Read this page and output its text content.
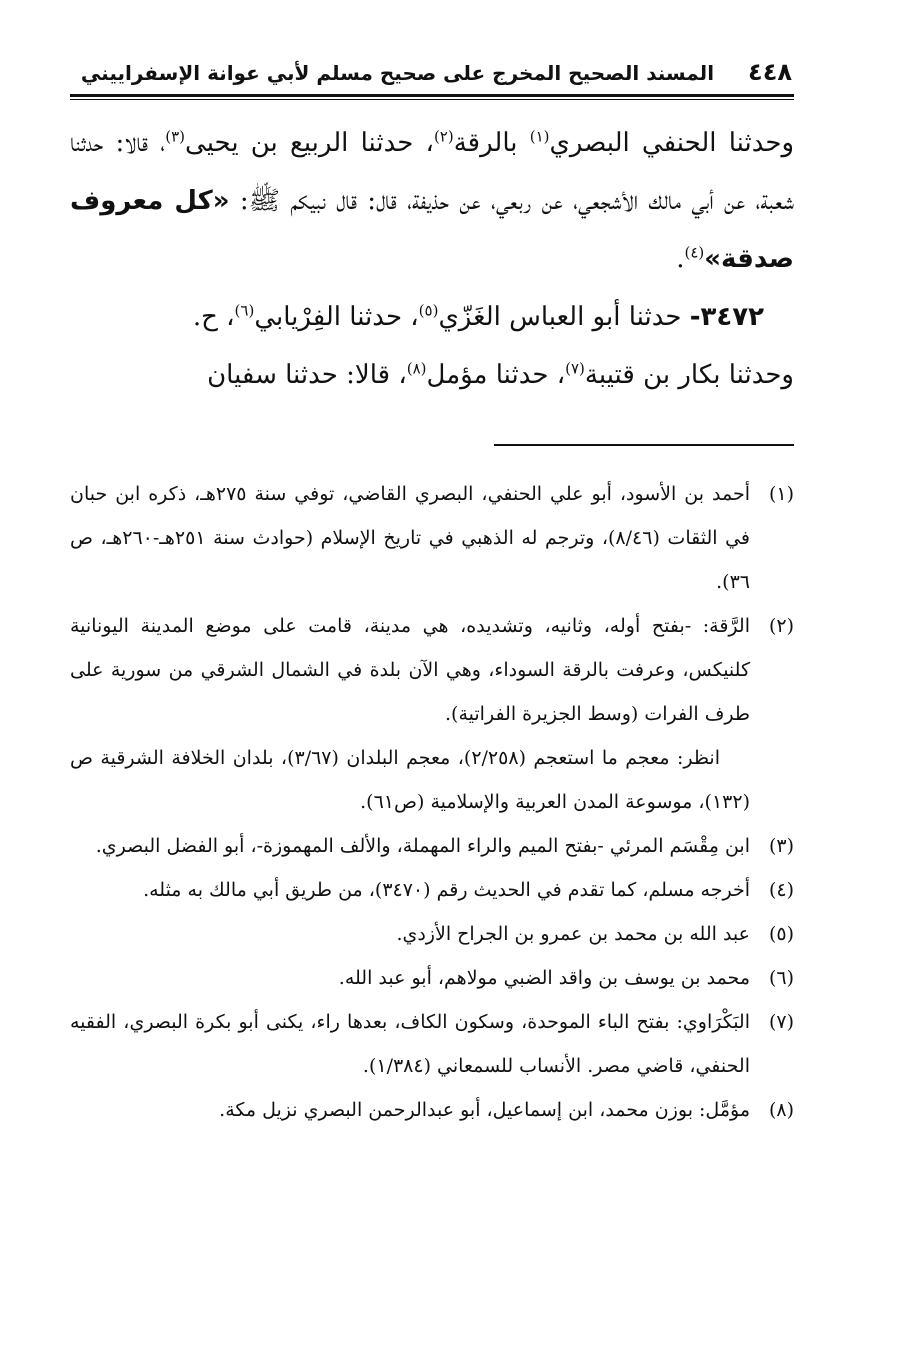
٤٤٨
المسند الصحيح المخرج على صحيح مسلم لأبي عوانة الإسفراييني

وحدثنا الحنفي البصري$^{(١)}$ بالرقة$^{(٢)}$، حدثنا الربيع بن يحيى$^{(٣)}$، قالا: حدثنا شعبة، عن أبي مالك الأشجعي، عن ربعي، عن حذيفة، قال: قال نبيكم ﷺ: «كل معروف صدقة»$^{(٤)}$.

٣٤٧٢- حدثنا أبو العباس الغَزّي$^{(٥)}$، حدثنا الفِرْيابي$^{(٦)}$، ح.

وحدثنا بكار بن قتيبة$^{(٧)}$، حدثنا مؤمل$^{(٨)}$، قالا: حدثنا سفيان

(١)
أحمد بن الأسود، أبو علي الحنفي، البصري القاضي، توفي سنة ٢٧٥هـ، ذكره ابن حبان في الثقات (٨/٤٦)، وترجم له الذهبي في تاريخ الإسلام (حوادث سنة ٢٥١هـ-٢٦٠هـ، ص ٣٦).
(٢)
الرَّقة: -بفتح أوله، وثانيه، وتشديده، هي مدينة، قامت على موضع المدينة اليونانية كلنيكس، وعرفت بالرقة السوداء، وهي الآن بلدة في الشمال الشرقي من سورية على طرف الفرات (وسط الجزيرة الفراتية).
انظر: معجم ما استعجم (٢/٢٥٨)، معجم البلدان (٣/٦٧)، بلدان الخلافة الشرقية ص (١٣٢)، موسوعة المدن العربية والإسلامية (ص٦١).
(٣)
ابن مِقْسَم المرئي -بفتح الميم والراء المهملة، والألف المهموزة-، أبو الفضل البصري.
(٤)
أخرجه مسلم، كما تقدم في الحديث رقم (٣٤٧٠)، من طريق أبي مالك به مثله.
(٥)
عبد الله بن محمد بن عمرو بن الجراح الأزدي.
(٦)
محمد بن يوسف بن واقد الضبي مولاهم، أبو عبد الله.
(٧)
البَكْرَاوي: بفتح الباء الموحدة، وسكون الكاف، بعدها راء، يكنى أبو بكرة البصري، الفقيه الحنفي، قاضي مصر. الأنساب للسمعاني (١/٣٨٤).
(٨)
مؤمَّل: بوزن محمد، ابن إسماعيل، أبو عبدالرحمن البصري نزيل مكة.
